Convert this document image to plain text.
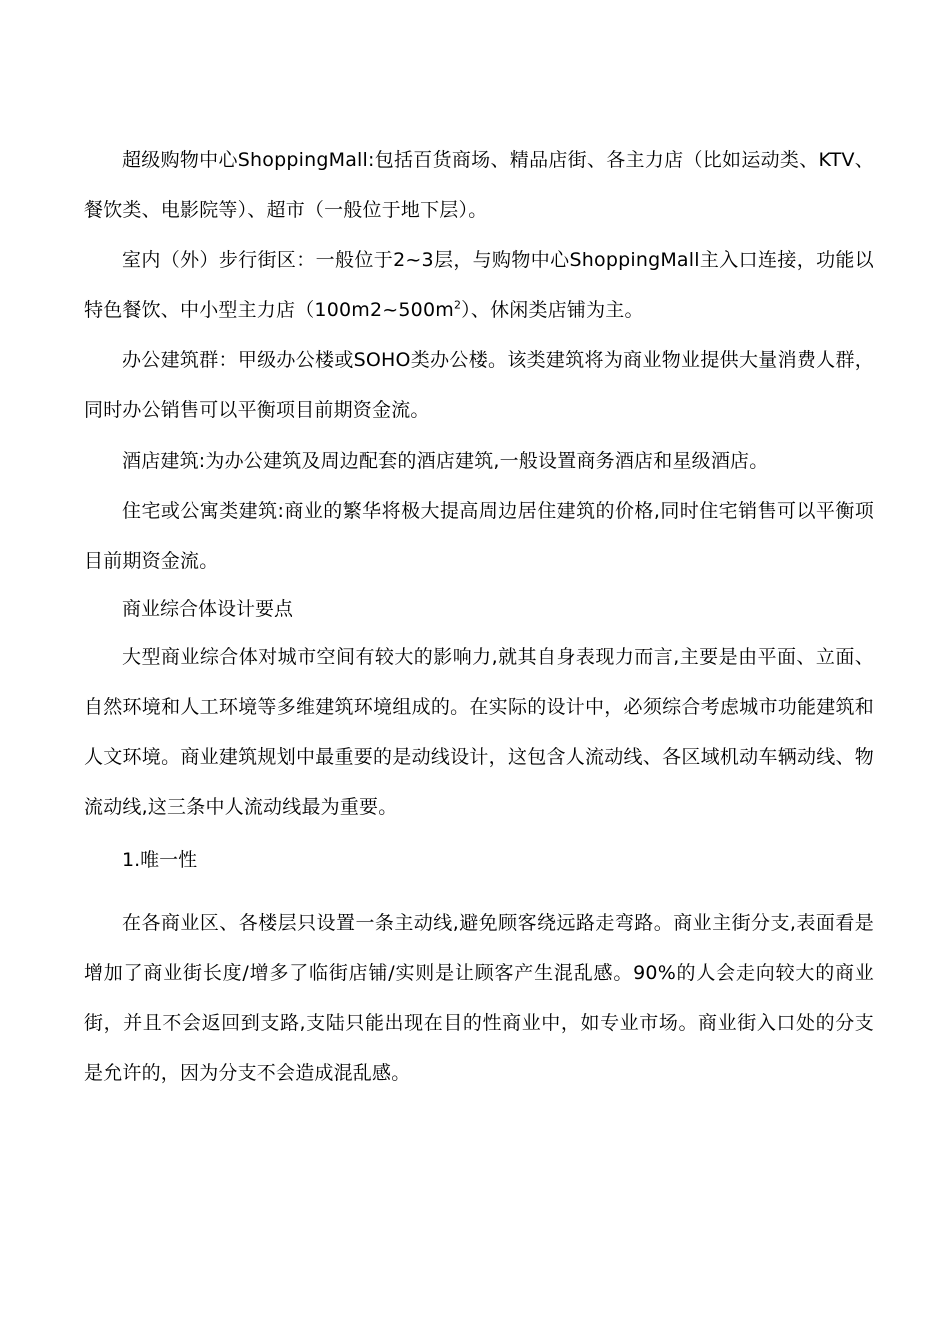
超级购物中心ShoppingMall:包括百货商场、精品店街、各主力店（比如运动类、KTV、餐饮类、电影院等）、超市（一般位于地下层）。

室内（外）步行街区：一般位于2~3层，与购物中心ShoppingMall主入口连接，功能以特色餐饮、中小型主力店$(100m2\sim 500m^2)$、休闲类店铺为主。

办公建筑群：甲级办公楼或SOHO类办公楼。该类建筑将为商业物业提供大量消费人群，同时办公销售可以平衡项目前期资金流。

酒店建筑:为办公建筑及周边配套的酒店建筑,一般设置商务酒店和星级酒店。

住宅或公寓类建筑:商业的繁华将极大提高周边居住建筑的价格,同时住宅销售可以平衡项目前期资金流。

商业综合体设计要点

大型商业综合体对城市空间有较大的影响力,就其自身表现力而言,主要是由平面、立面、自然环境和人工环境等多维建筑环境组成的。在实际的设计中，必须综合考虑城市功能建筑和人文环境。商业建筑规划中最重要的是动线设计，这包含人流动线、各区域机动车辆动线、物流动线,这三条中人流动线最为重要。

1.唯一性

在各商业区、各楼层只设置一条主动线,避免顾客绕远路走弯路。商业主街分支,表面看是增加了商业街长度/增多了临街店铺/实则是让顾客产生混乱感。90%的人会走向较大的商业街，并且不会返回到支路,支陆只能出现在目的性商业中，如专业市场。商业街入口处的分支是允许的，因为分支不会造成混乱感。
